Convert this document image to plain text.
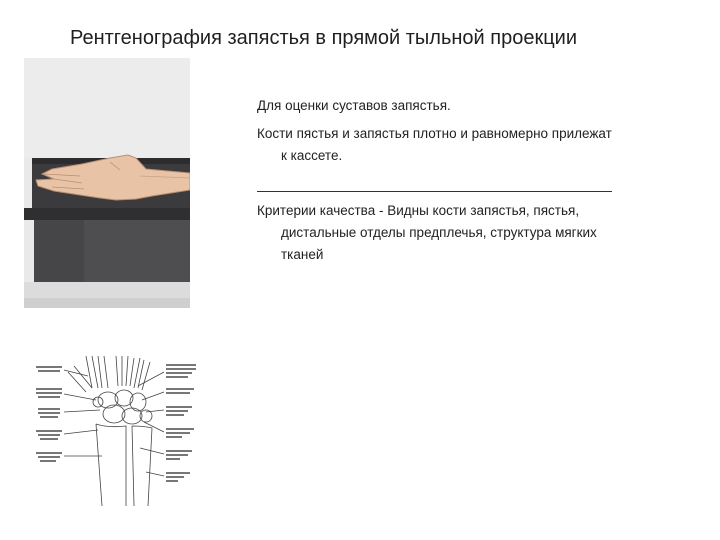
Рентгенография запястья в прямой тыльной проекции

Для оценки суставов запястья.

Кости пястья и запястья плотно и равномерно прилежат
к кассете.

Критерии качества - Видны кости запястья, пястья,
дистальные отделы предплечья, структура мягких
тканей
